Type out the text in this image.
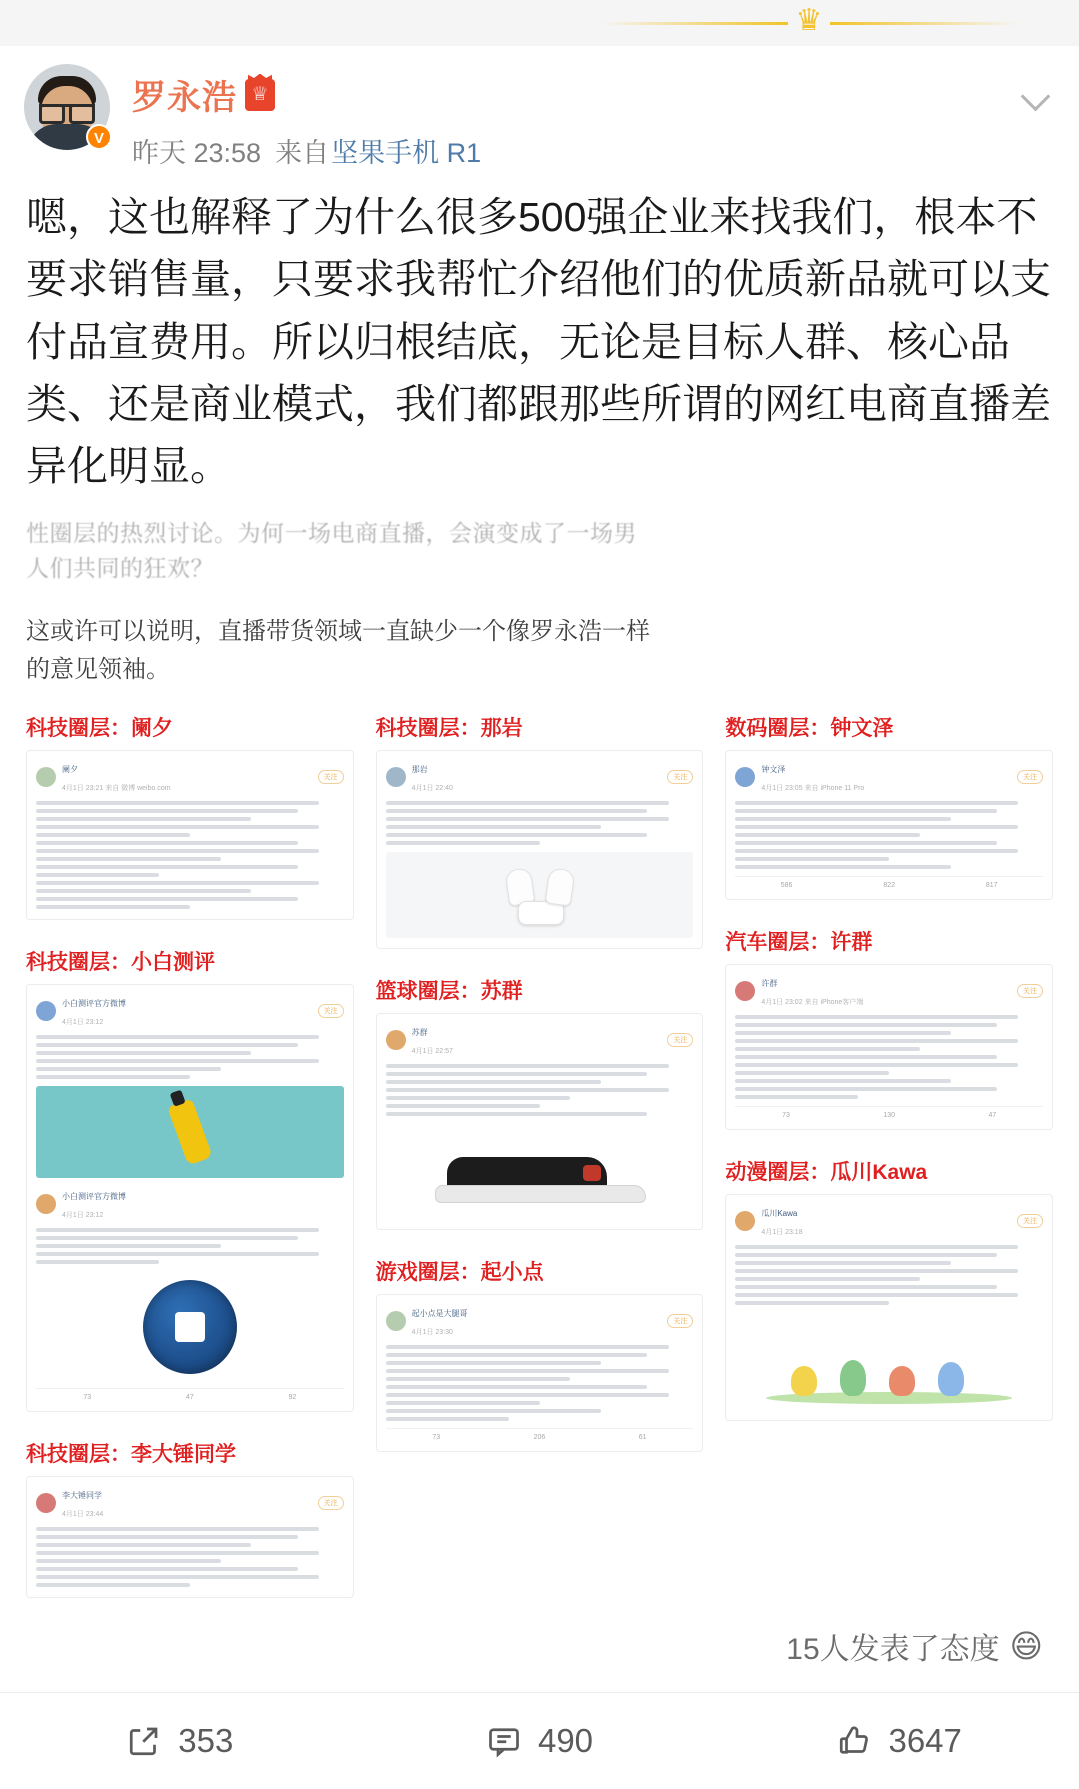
♛
V
罗永浩 ♕
昨天 23:58 来自 坚果手机 R1
嗯，这也解释了为什么很多500强企业来找我们，根本不要求销售量，只要求我帮忙介绍他们的优质新品就可以支付品宣费用。所以归根结底，无论是目标人群、核心品类、还是商业模式，我们都跟那些所谓的网红电商直播差异化明显。
性圈层的热烈讨论。为何一场电商直播，会演变成了一场男
人们共同的狂欢？
这或许可以说明，直播带货领域一直缺少一个像罗永浩一样
的意见领袖。
科技圈层：阑夕
阑夕
4月1日 23:21 来自 微博 weibo.com
关注
科技圈层：小白测评
小白测评官方微博
4月1日 23:12
关注
小白测评官方微博
4月1日 23:12
73	47	92
科技圈层：李大锤同学
李大锤同学
4月1日 23:44
关注
科技圈层：那岩
那岩
4月1日 22:40
关注
篮球圈层：苏群
苏群
4月1日 22:57
关注
游戏圈层：起小点
起小点是大腿哥
4月1日 23:30
关注
73	206	61
数码圈层：钟文泽
钟文泽
4月1日 23:05 来自 iPhone 11 Pro
关注
586	822	817
汽车圈层：许群
许群
4月1日 23:02 来自 iPhone客户端
关注
73	130	47
动漫圈层：瓜川Kawa
瓜川Kawa
4月1日 23:18
关注
15人发表了态度 😄
353	490	3647
